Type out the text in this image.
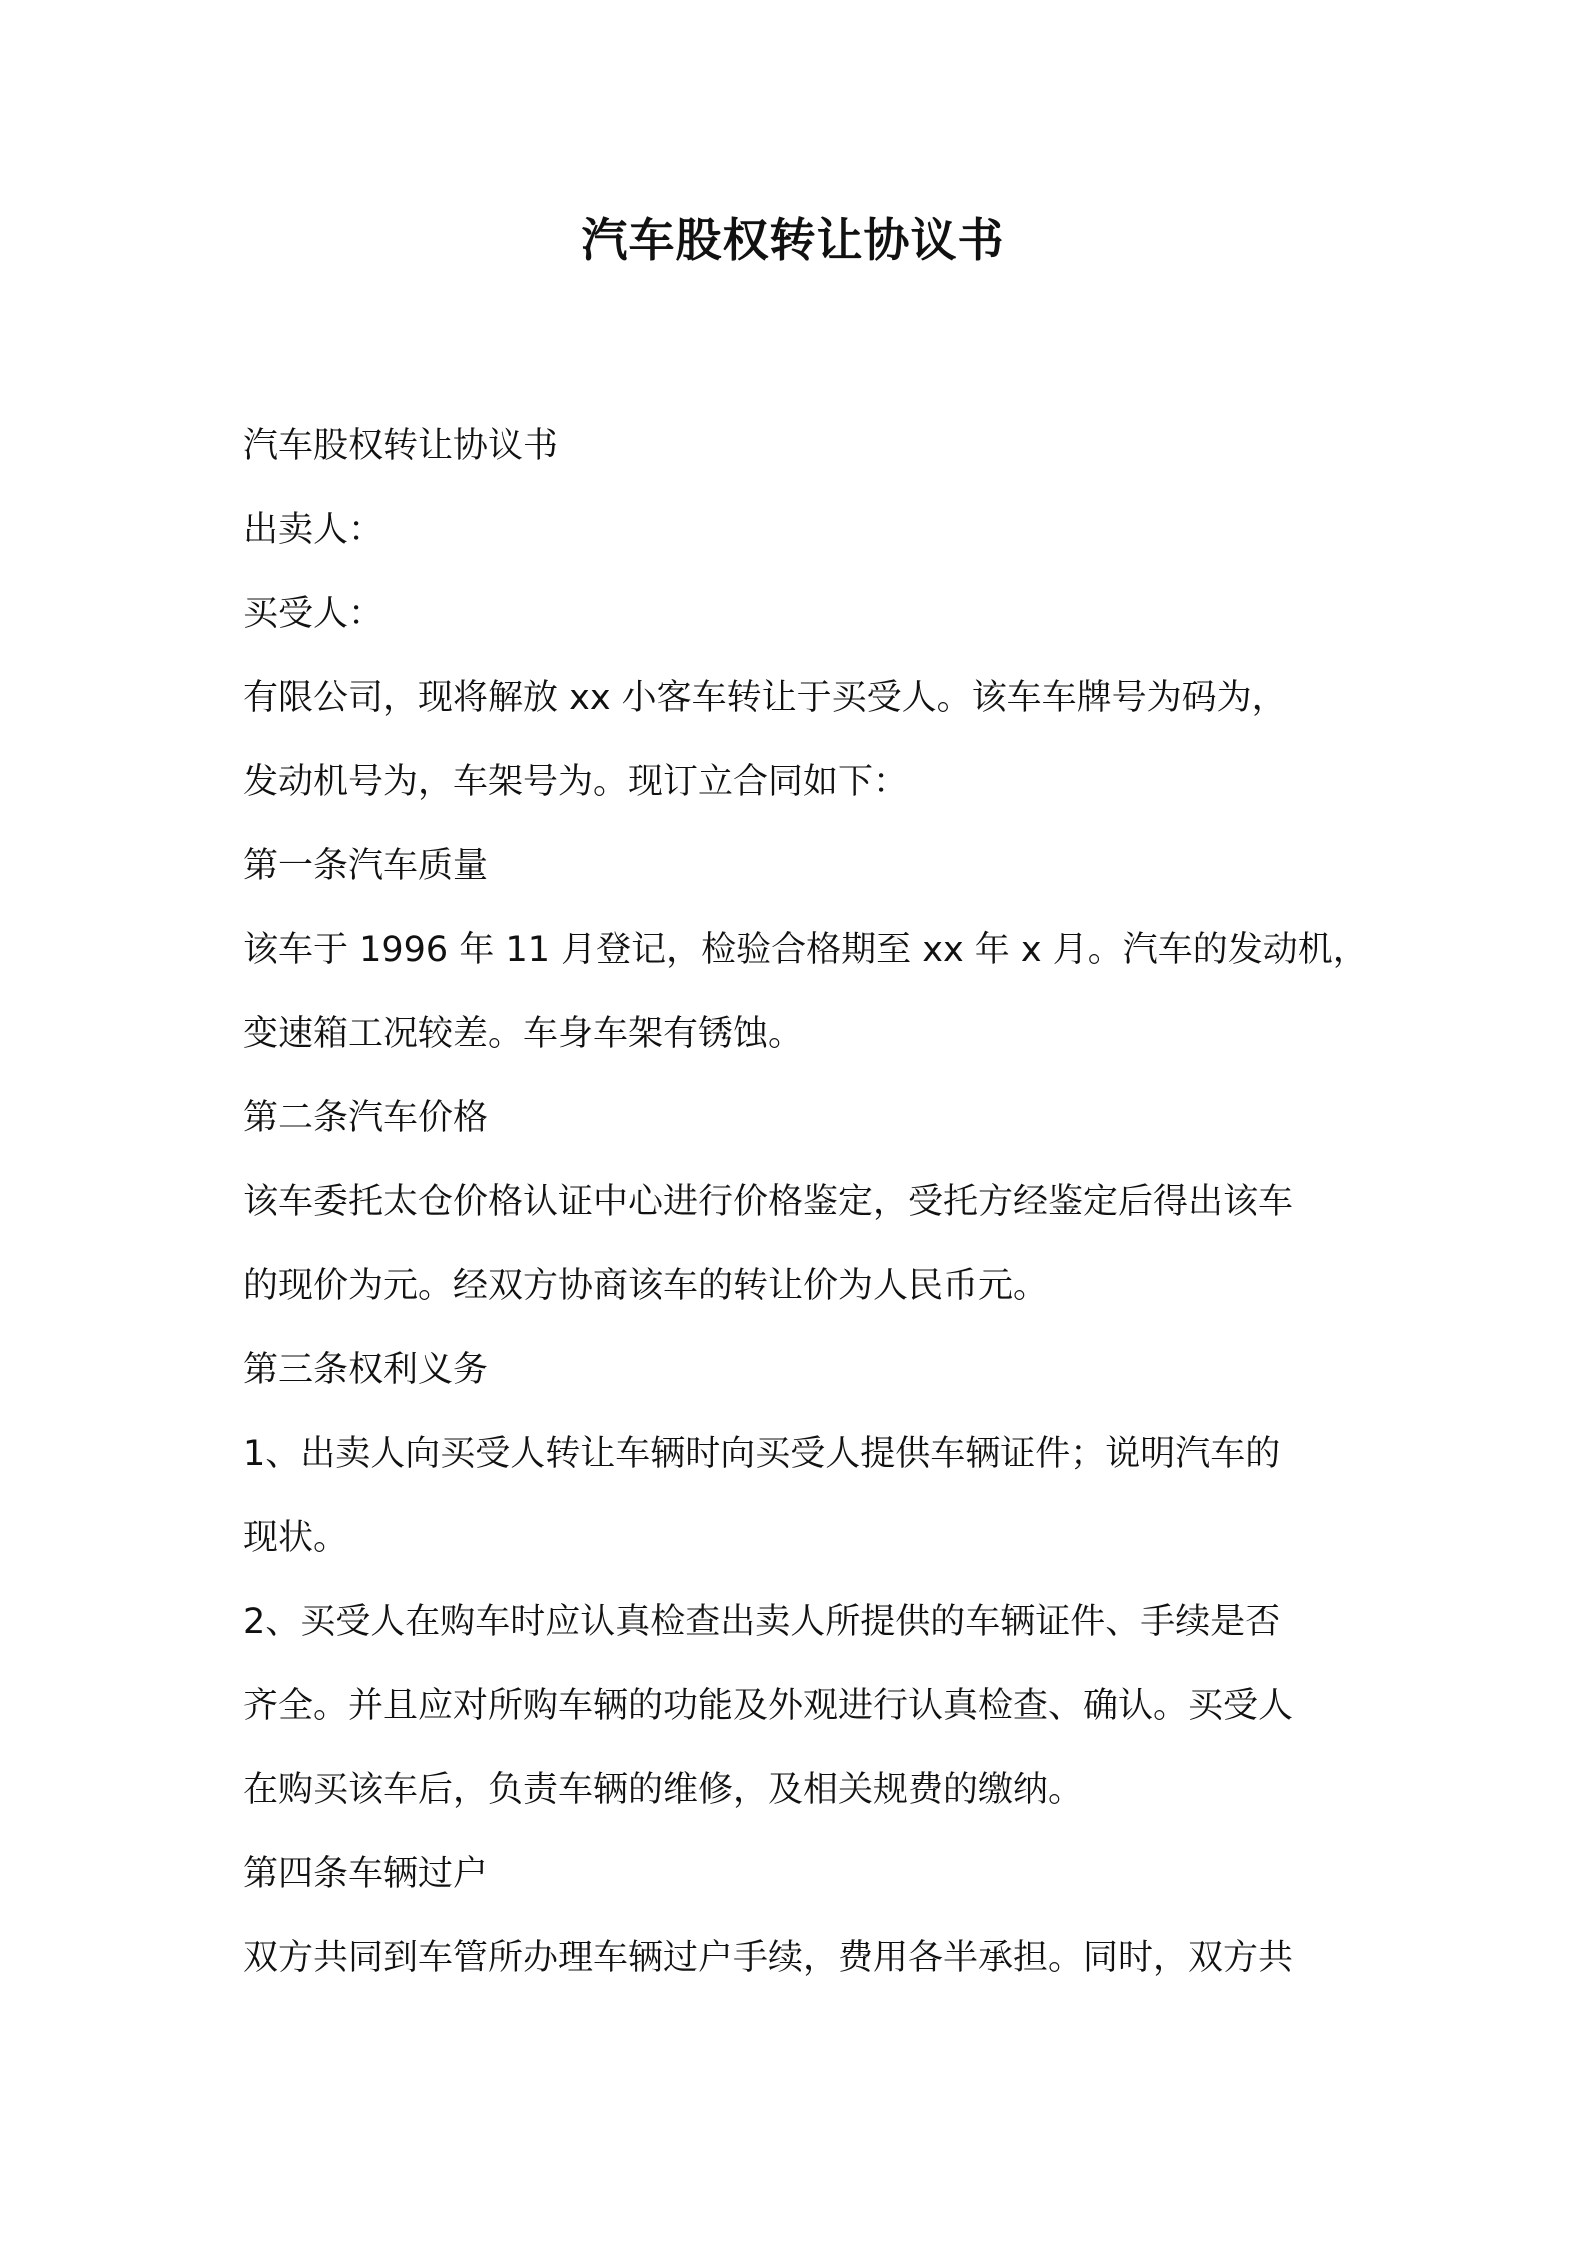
汽车股权转让协议书
汽车股权转让协议书
出卖人：
买受人：
有限公司，现将解放 xx 小客车转让于买受人。该车车牌号为码为，
发动机号为，车架号为。现订立合同如下：
第一条汽车质量
该车于 1996 年 11 月登记，检验合格期至 xx 年 x 月。汽车的发动机，
变速箱工况较差。车身车架有锈蚀。
第二条汽车价格
该车委托太仓价格认证中心进行价格鉴定，受托方经鉴定后得出该车
的现价为元。经双方协商该车的转让价为人民币元。
第三条权利义务
1、出卖人向买受人转让车辆时向买受人提供车辆证件；说明汽车的
现状。
2、买受人在购车时应认真检查出卖人所提供的车辆证件、手续是否
齐全。并且应对所购车辆的功能及外观进行认真检查、确认。买受人
在购买该车后，负责车辆的维修，及相关规费的缴纳。
第四条车辆过户
双方共同到车管所办理车辆过户手续，费用各半承担。同时，双方共
